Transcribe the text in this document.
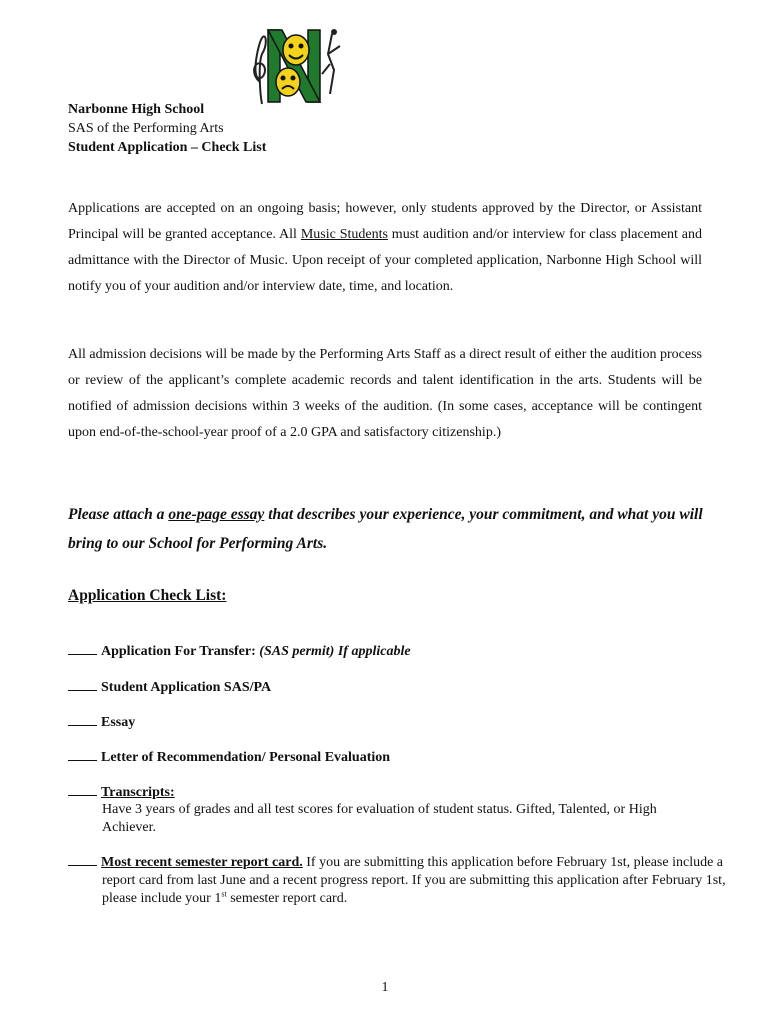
Narbonne High School
SAS of the Performing Arts
Student Application – Check List

Applications are accepted on an ongoing basis; however, only students approved by the Director, or Assistant Principal will be granted acceptance. All Music Students must audition and/or interview for class placement and admittance with the Director of Music. Upon receipt of your completed application, Narbonne High School will notify you of your audition and/or interview date, time, and location.

All admission decisions will be made by the Performing Arts Staff as a direct result of either the audition process or review of the applicant’s complete academic records and talent identification in the arts. Students will be notified of admission decisions within 3 weeks of the audition. (In some cases, acceptance will be contingent upon end-of-the-school-year proof of a 2.0 GPA and satisfactory citizenship.)

Please attach a one-page essay that describes your experience, your commitment, and what you will bring to our School for Performing Arts.

Application Check List:
Application For Transfer: (SAS permit) If applicable
Student Application SAS/PA
Essay
Letter of Recommendation/ Personal Evaluation
Transcripts:

Have 3 years of grades and all test scores for evaluation of student status. Gifted, Talented, or High Achiever.

Most recent semester report card. If you are submitting this application before February 1st, please include a report card from last June and a recent progress report. If you are submitting this application after February 1st, please include your 1st semester report card.
1
